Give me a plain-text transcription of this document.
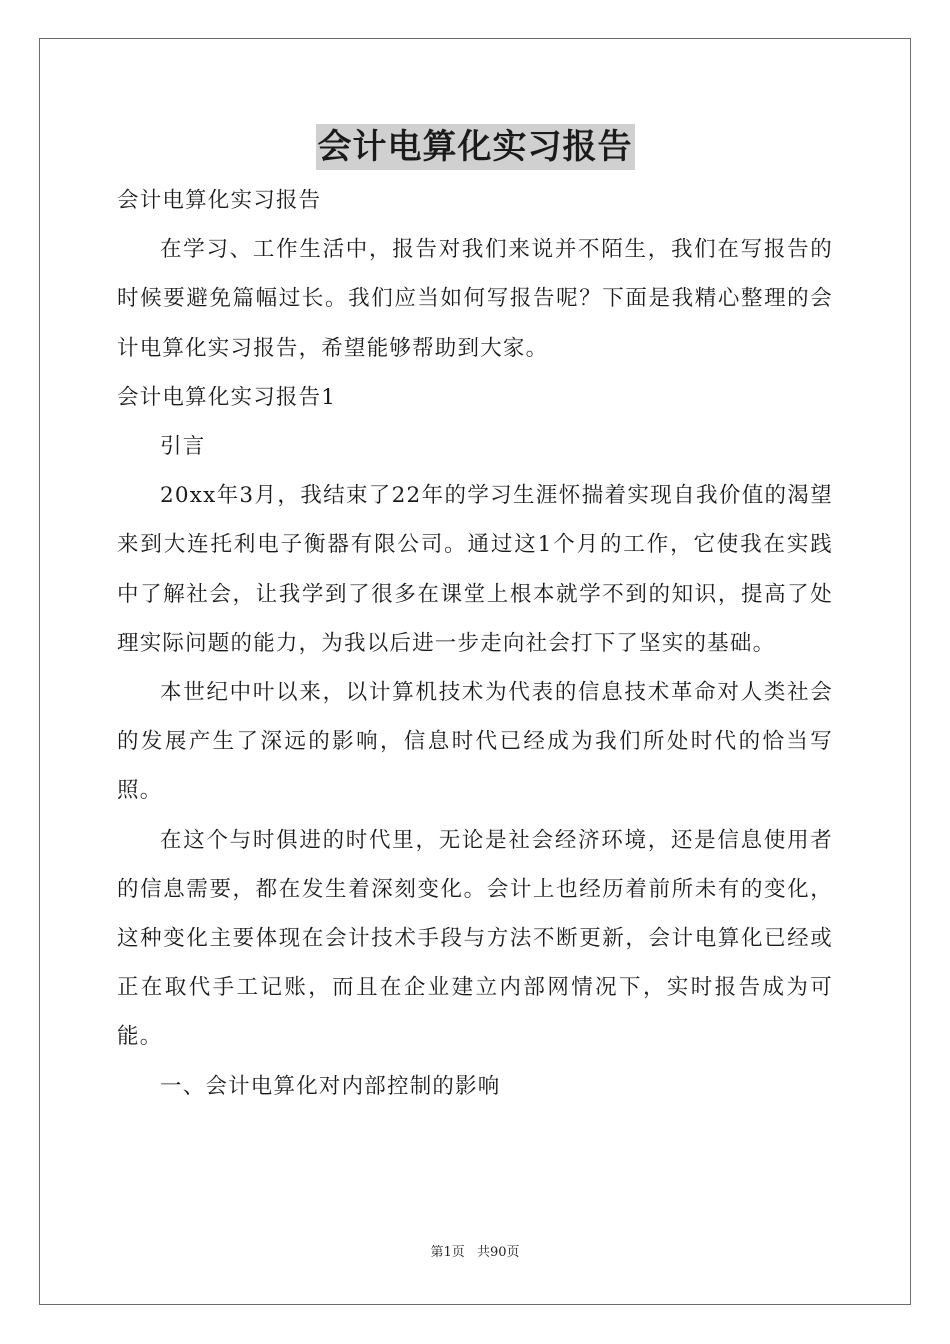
会计电算化实习报告

会计电算化实习报告

在学习、工作生活中，报告对我们来说并不陌生，我们在写报告的时候要避免篇幅过长。我们应当如何写报告呢？下面是我精心整理的会计电算化实习报告，希望能够帮助到大家。

会计电算化实习报告1

引言

20xx年3月，我结束了22年的学习生涯怀揣着实现自我价值的渴望来到大连托利电子衡器有限公司。通过这1个月的工作，它使我在实践中了解社会，让我学到了很多在课堂上根本就学不到的知识，提高了处理实际问题的能力，为我以后进一步走向社会打下了坚实的基础。

本世纪中叶以来，以计算机技术为代表的信息技术革命对人类社会的发展产生了深远的影响，信息时代已经成为我们所处时代的恰当写照。

在这个与时俱进的时代里，无论是社会经济环境，还是信息使用者的信息需要，都在发生着深刻变化。会计上也经历着前所未有的变化，这种变化主要体现在会计技术手段与方法不断更新，会计电算化已经或正在取代手工记账，而且在企业建立内部网情况下，实时报告成为可能。

一、会计电算化对内部控制的影响

第1页 共90页
